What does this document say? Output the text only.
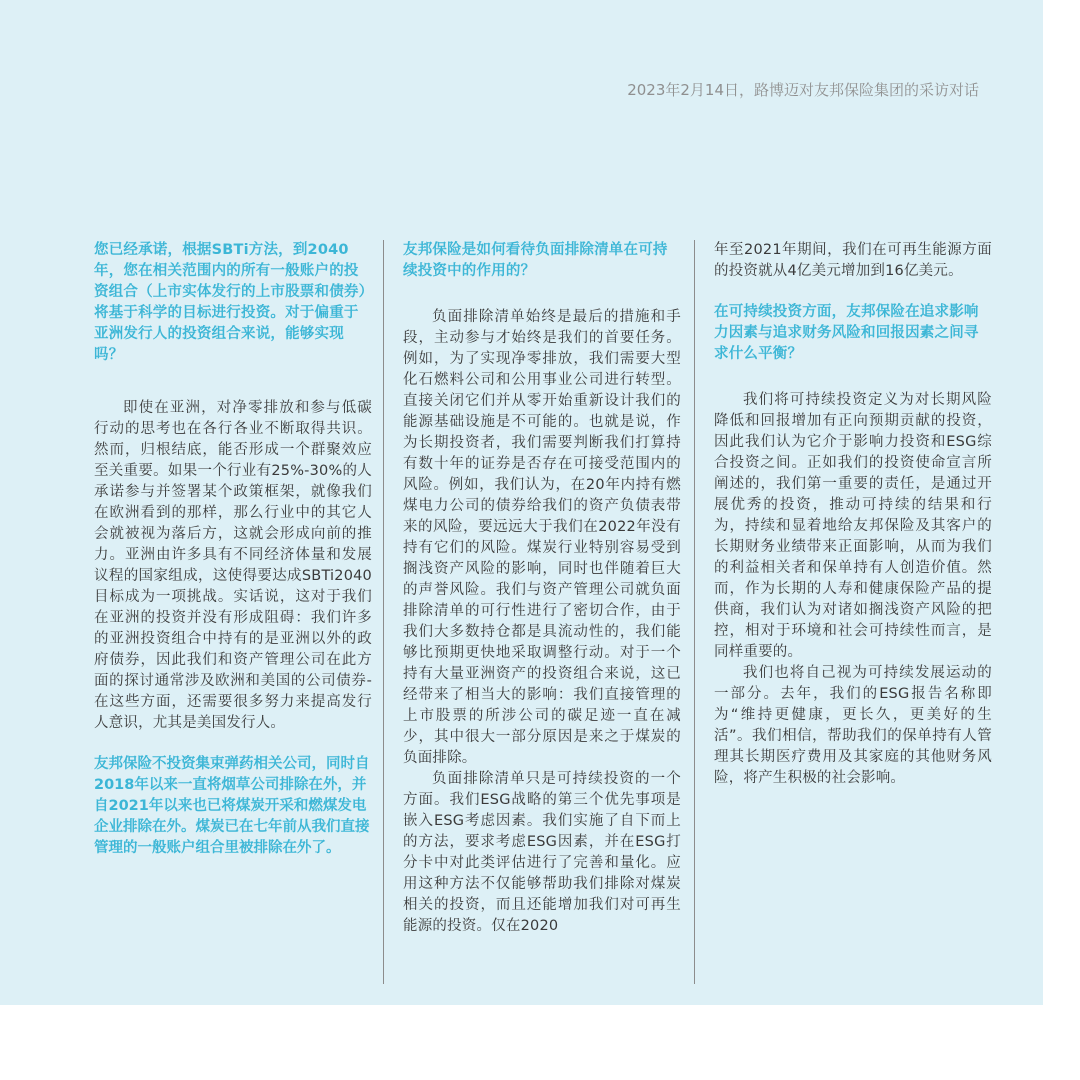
2023年2月14日，路博迈对友邦保险集团的采访对话

您已经承诺，根据SBTi方法，到2040年，您在相关范围内的所有一般账户的投资组合（上市实体发行的上市股票和债券）将基于科学的目标进行投资。对于偏重于亚洲发行人的投资组合来说，能够实现吗？

即使在亚洲，对净零排放和参与低碳行动的思考也在各行各业不断取得共识。然而，归根结底，能否形成一个群聚效应至关重要。如果一个行业有25%-30%的人承诺参与并签署某个政策框架，就像我们在欧洲看到的那样，那么行业中的其它人会就被视为落后方，这就会形成向前的推力。亚洲由许多具有不同经济体量和发展议程的国家组成，这使得要达成SBTi2040目标成为一项挑战。实话说，这对于我们在亚洲的投资并没有形成阻碍：我们许多的亚洲投资组合中持有的是亚洲以外的政府债券，因此我们和资产管理公司在此方面的探讨通常涉及欧洲和美国的公司债券-在这些方面，还需要很多努力来提高发行人意识，尤其是美国发行人。

友邦保险不投资集束弹药相关公司，同时自2018年以来一直将烟草公司排除在外，并自2021年以来也已将煤炭开采和燃煤发电企业排除在外。煤炭已在七年前从我们直接管理的一般账户组合里被排除在外了。

友邦保险是如何看待负面排除清单在可持续投资中的作用的？

负面排除清单始终是最后的措施和手段，主动参与才始终是我们的首要任务。例如，为了实现净零排放，我们需要大型化石燃料公司和公用事业公司进行转型。直接关闭它们并从零开始重新设计我们的能源基础设施是不可能的。也就是说，作为长期投资者，我们需要判断我们打算持有数十年的证券是否存在可接受范围内的风险。例如，我们认为，在20年内持有燃煤电力公司的债券给我们的资产负债表带来的风险，要远远大于我们在2022年没有持有它们的风险。煤炭行业特别容易受到搁浅资产风险的影响，同时也伴随着巨大的声誉风险。我们与资产管理公司就负面排除清单的可行性进行了密切合作，由于我们大多数持仓都是具流动性的，我们能够比预期更快地采取调整行动。对于一个持有大量亚洲资产的投资组合来说，这已经带来了相当大的影响：我们直接管理的上市股票的所涉公司的碳足迹一直在减少，其中很大一部分原因是来之于煤炭的负面排除。

负面排除清单只是可持续投资的一个方面。我们ESG战略的第三个优先事项是嵌入ESG考虑因素。我们实施了自下而上的方法，要求考虑ESG因素，并在ESG打分卡中对此类评估进行了完善和量化。应用这种方法不仅能够帮助我们排除对煤炭相关的投资，而且还能增加我们对可再生能源的投资。仅在2020

年至2021年期间，我们在可再生能源方面的投资就从4亿美元增加到16亿美元。

在可持续投资方面，友邦保险在追求影响力因素与追求财务风险和回报因素之间寻求什么平衡？

我们将可持续投资定义为对长期风险降低和回报增加有正向预期贡献的投资，因此我们认为它介于影响力投资和ESG综合投资之间。正如我们的投资使命宣言所阐述的，我们第一重要的责任，是通过开展优秀的投资，推动可持续的结果和行为，持续和显着地给友邦保险及其客户的长期财务业绩带来正面影响，从而为我们的利益相关者和保单持有人创造价值。然而，作为长期的人寿和健康保险产品的提供商，我们认为对诸如搁浅资产风险的把控，相对于环境和社会可持续性而言，是同样重要的。

我们也将自己视为可持续发展运动的一部分。去年，我们的ESG报告名称即为“维持更健康，更长久，更美好的生活”。我们相信，帮助我们的保单持有人管理其长期医疗费用及其家庭的其他财务风险，将产生积极的社会影响。
